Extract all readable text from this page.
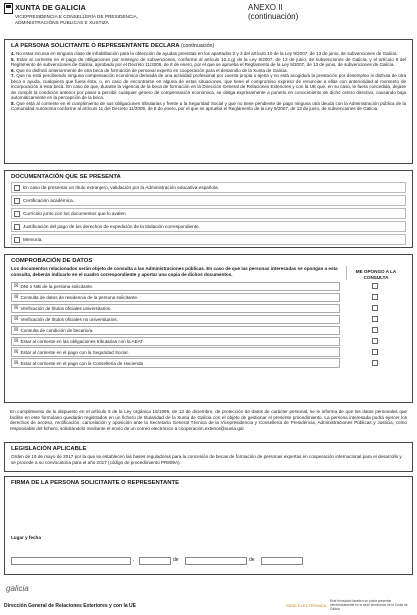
XUNTA DE GALICIA
VICEPRESIDENCIA E CONSELLERÍA DE PRESIDENCIA, ADMINISTRACIÓNS PÚBLICAS E XUSTIZA
ANEXO II
(continuación)
LA PERSONA SOLICITANTE O REPRESENTANTE DECLARA (continuación)
4. No estar incursa en ninguna clase de inhabilitación para la obtención de ayudas previstas en los apartados 2 y 3 del artículo 10 de la Ley 9/2007, de 13 de junio, de subvenciones de Galicia.
5. Estar al corriente en el pago de obligaciones por reintegro de subvenciones, conforme al artículo 10.2.g) de la Ley 9/2007, de 13 de junio, de subvenciones de Galicia, y el artículo 9 del Reglamento de subvenciones de Galicia, aprobado por el Decreto 11/2009, de 8 de enero, por el que se aprueba el Reglamento de la Ley 9/2007, de 13 de junio, de subvenciones de Galicia.
6. Que no disfrutó anteriormente de otra beca de formación de personal experto en cooperación para el desarrollo de la Xunta de Galicia.
7. Que no está percibiendo ninguna compensación económica derivada de una actividad profesional por cuenta propia o ajena y no está acogido/a la prestación por desempleo ni disfruta de otra beca o ayuda, cualquiera que fuera ésta, o, en caso de encontrarse en alguna de estas situaciones, que tiene el compromiso expreso de renunciar a ellas con anterioridad al momento de incorporación a esta beca. En caso de que, durante la vigencia de la beca de formación en la Dirección General de Relaciones Exteriores y con la UE que, en su caso, le fuera concedida, dejase de cumplir la condición anterior por pasar a percibir cualquier género de compensación económica, se obliga expresamente a ponerlo en conocimiento de dicho centro directivo, causando baja automáticamente en la percepción de la beca.
8. Que está al corriente en el cumplimiento de sus obligaciones tributarias y frente a la Seguridad Social y que no tiene pendiente de pago ninguna otra deuda con la Administración pública de la Comunidad Autónoma conforme al artículo 11 del Decreto 11/2009, de 8 de enero, por el que se aprueba el Reglamento de la Ley 9/2007, de 13 de junio, de subvenciones de Galicia.
DOCUMENTACIÓN QUE SE PRESENTA
En caso de presentar un título extranjero, validación por la Administración educativa española.
Certificación académica.
Currículo junto con los documentos que lo avalen.
Justificación del pago de los derechos de expedición de la titulación correspondiente.
Memoria.
COMPROBACIÓN DE DATOS
Los documentos relacionados serán objeto de consulta a las Administraciones públicas. En caso de que las personas interesadas se opongan a esta consulta, deberán indicarlo en el cuadro correspondiente y aportar una copia de dichos documentos.	ME OPONGO A LA CONSULTA
☒ DNI o NIE de la persona solicitante.
☒ Consulta de datos de residencia de la persona solicitante.
☒ Verificación de títulos oficiales universitarios.
☒ Verificación de títulos oficiales no universitarios.
☒ Consulta de condición de becario/a.
☒ Estar al corriente en las obligaciones tributarias con la AEAT.
☒ Estar al corriente en el pago con la Seguridad Social.
☒ Estar al corriente en el pago con la Consellería de Hacienda
En cumplimiento de lo dispuesto en el artículo 5 de la Ley orgánica 15/1999, de 13 de diciembre, de protección de datos de carácter personal, se le informa de que los datos personales que facilite en este formulario quedarán registrados en un fichero de titularidad de la Xunta de Galicia con el objeto de gestionar el presente procedimiento. La persona interesada podrá ejercer los derechos de acceso, rectificación, cancelación y oposición ante la Secretaría General Técnica de la Vicepresidencia y Consellería de Presidencia, Administraciones Públicas y Justicia, como responsable del fichero, solicitándolo mediante el envío de un correo electrónico a cooperación.exterior@xunta.gal
LEGISLACIÓN APLICABLE
Orden de 15 de mayo de 2017 por la que se establecen las bases reguladoras para la concesión de becas de formación de personas expertas en cooperación internacional para el desarrollo y se procede a su convocatoria para el año 2017 (código de procedimiento PR809A).
FIRMA DE LA PERSONA SOLICITANTE O REPRESENTANTE
Lugar y fecha
,	de	de
galicia
Dirección General de Relaciones Exteriores y con la UE	SEDE ELECTRÓNICA
Este formulario también se podrá presentar electrónicamente en la sede electrónica de la Xunta de Galicia
